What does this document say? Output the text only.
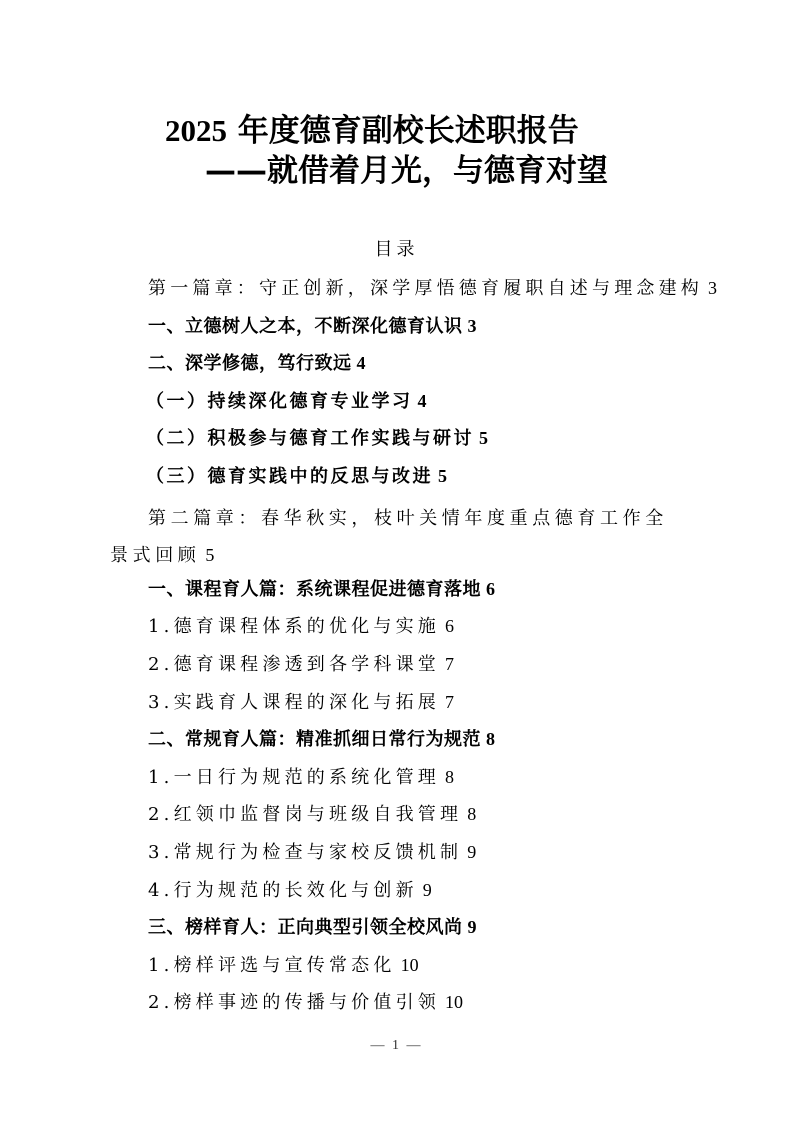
2025 年度德育副校长述职报告
——就借着月光，与德育对望
目录
第一篇章：守正创新，深学厚悟德育履职自述与理念建构 3
一、立德树人之本，不断深化德育认识 3
二、深学修德，笃行致远 4
（一）持续深化德育专业学习 4
（二）积极参与德育工作实践与研讨 5
（三）德育实践中的反思与改进 5
第二篇章：春华秋实，枝叶关情年度重点德育工作全景式回顾 5
一、课程育人篇：系统课程促进德育落地 6
1.德育课程体系的优化与实施 6
2.德育课程渗透到各学科课堂 7
3.实践育人课程的深化与拓展 7
二、常规育人篇：精准抓细日常行为规范 8
1.一日行为规范的系统化管理 8
2.红领巾监督岗与班级自我管理 8
3.常规行为检查与家校反馈机制 9
4.行为规范的长效化与创新 9
三、榜样育人：正向典型引领全校风尚 9
1.榜样评选与宣传常态化 10
2.榜样事迹的传播与价值引领 10
— 1 —
